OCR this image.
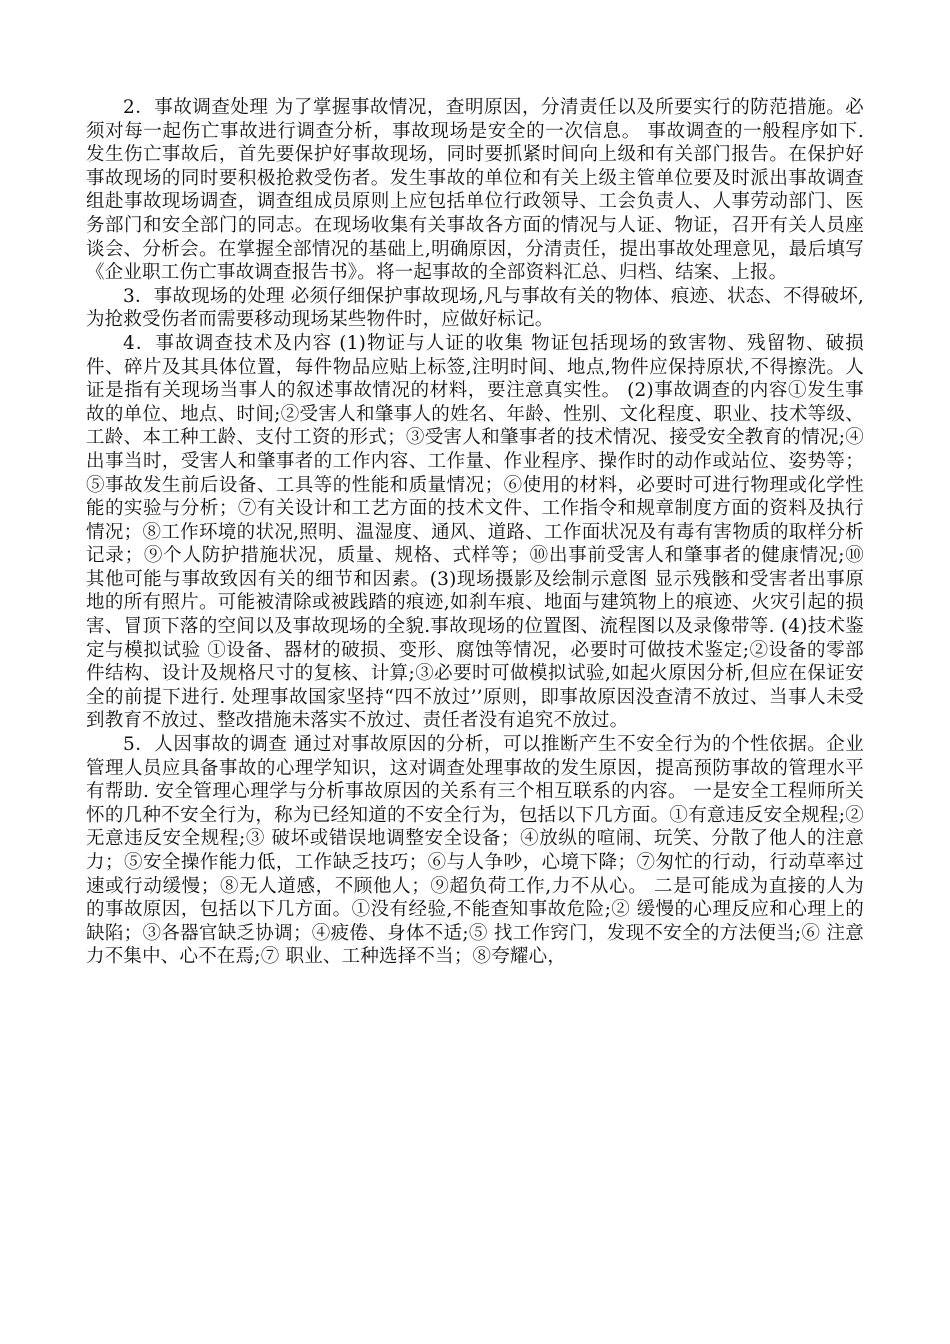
2．事故调查处理 为了掌握事故情况，查明原因，分清责任以及所要实行的防范措施。必须对每一起伤亡事故进行调查分析，事故现场是安全的一次信息。 事故调查的一般程序如下.发生伤亡事故后，首先要保护好事故现场，同时要抓紧时间向上级和有关部门报告。在保护好事故现场的同时要积极抢救受伤者。发生事故的单位和有关上级主管单位要及时派出事故调查组赴事故现场调查，调查组成员原则上应包括单位行政领导、工会负责人、人事劳动部门、医务部门和安全部门的同志。在现场收集有关事故各方面的情况与人证、物证，召开有关人员座谈会、分析会。在掌握全部情况的基础上,明确原因，分清责任，提出事故处理意见，最后填写《企业职工伤亡事故调查报告书》。将一起事故的全部资料汇总、归档、结案、上报。

3．事故现场的处理 必须仔细保护事故现场,凡与事故有关的物体、痕迹、状态、不得破坏,为抢救受伤者而需要移动现场某些物件时，应做好标记。

4．事故调查技术及内容 (1)物证与人证的收集 物证包括现场的致害物、残留物、破损件、碎片及其具体位置，每件物品应贴上标签,注明时间、地点,物件应保持原状,不得擦洗。人证是指有关现场当事人的叙述事故情况的材料，要注意真实性。 (2)事故调查的内容①发生事故的单位、地点、时间;②受害人和肇事人的姓名、年龄、性别、文化程度、职业、技术等级、工龄、本工种工龄、支付工资的形式；③受害人和肇事者的技术情况、接受安全教育的情况;④ 出事当时，受害人和肇事者的工作内容、工作量、作业程序、操作时的动作或站位、姿势等；⑤事故发生前后设备、工具等的性能和质量情况；⑥使用的材料，必要时可进行物理或化学性能的实验与分析；⑦有关设计和工艺方面的技术文件、工作指令和规章制度方面的资料及执行情况；⑧工作环境的状况,照明、温湿度、通风、道路、工作面状况及有毒有害物质的取样分析记录；⑨个人防护措施状况，质量、规格、式样等；⑩出事前受害人和肇事者的健康情况;⑩ 其他可能与事故致因有关的细节和因素。(3)现场摄影及绘制示意图 显示残骸和受害者出事原地的所有照片。可能被清除或被践踏的痕迹,如刹车痕、地面与建筑物上的痕迹、火灾引起的损害、冒顶下落的空间以及事故现场的全貌.事故现场的位置图、流程图以及录像带等. (4)技术鉴定与模拟试验 ①设备、器材的破损、变形、腐蚀等情况，必要时可做技术鉴定;②设备的零部件结构、设计及规格尺寸的复核、计算;③必要时可做模拟试验,如起火原因分析,但应在保证安全的前提下进行. 处理事故国家坚持“四不放过’’原则，即事故原因没查清不放过、当事人未受到教育不放过、整改措施未落实不放过、责任者没有追究不放过。

5．人因事故的调查 通过对事故原因的分析，可以推断产生不安全行为的个性依据。企业管理人员应具备事故的心理学知识，这对调查处理事故的发生原因，提高预防事故的管理水平有帮助. 安全管理心理学与分析事故原因的关系有三个相互联系的内容。 一是安全工程师所关怀的几种不安全行为，称为已经知道的不安全行为，包括以下几方面。①有意违反安全规程;② 无意违反安全规程;③ 破坏或错误地调整安全设备；④放纵的喧闹、玩笑、分散了他人的注意力；⑤安全操作能力低，工作缺乏技巧；⑥与人争吵，心境下降；⑦匆忙的行动，行动草率过速或行动缓慢；⑧无人道感，不顾他人；⑨超负荷工作,力不从心。 二是可能成为直接的人为的事故原因，包括以下几方面。①没有经验,不能查知事故危险;② 缓慢的心理反应和心理上的缺陷；③各器官缺乏协调；④疲倦、身体不适;⑤ 找工作窍门，发现不安全的方法便当;⑥ 注意力不集中、心不在焉;⑦ 职业、工种选择不当；⑧夸耀心，
